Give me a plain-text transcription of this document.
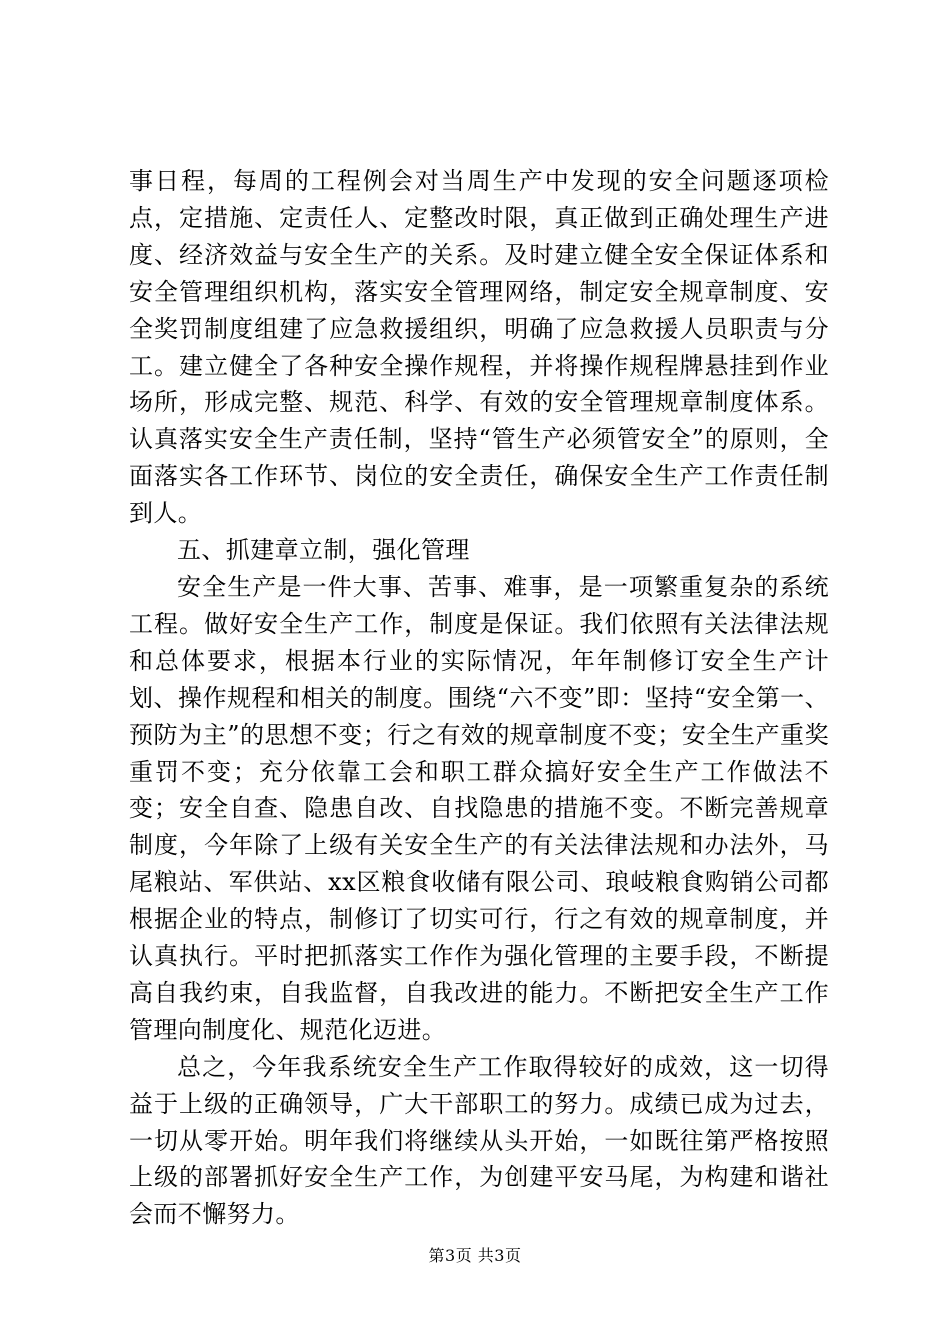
事日程，每周的工程例会对当周生产中发现的安全问题逐项检点，定措施、定责任人、定整改时限，真正做到正确处理生产进度、经济效益与安全生产的关系。及时建立健全安全保证体系和安全管理组织机构，落实安全管理网络，制定安全规章制度、安全奖罚制度组建了应急救援组织，明确了应急救援人员职责与分工。建立健全了各种安全操作规程，并将操作规程牌悬挂到作业场所，形成完整、规范、科学、有效的安全管理规章制度体系。认真落实安全生产责任制，坚持“管生产必须管安全”的原则，全面落实各工作环节、岗位的安全责任，确保安全生产工作责任制到人。

五、抓建章立制，强化管理

安全生产是一件大事、苦事、难事，是一项繁重复杂的系统工程。做好安全生产工作，制度是保证。我们依照有关法律法规和总体要求，根据本行业的实际情况，年年制修订安全生产计划、操作规程和相关的制度。围绕“六不变”即：坚持“安全第一、预防为主”的思想不变；行之有效的规章制度不变；安全生产重奖重罚不变；充分依靠工会和职工群众搞好安全生产工作做法不变；安全自查、隐患自改、自找隐患的措施不变。不断完善规章制度，今年除了上级有关安全生产的有关法律法规和办法外，马尾粮站、军供站、xx区粮食收储有限公司、琅岐粮食购销公司都根据企业的特点，制修订了切实可行，行之有效的规章制度，并认真执行。平时把抓落实工作作为强化管理的主要手段，不断提高自我约束，自我监督，自我改进的能力。不断把安全生产工作管理向制度化、规范化迈进。

总之，今年我系统安全生产工作取得较好的成效，这一切得益于上级的正确领导，广大干部职工的努力。成绩已成为过去，一切从零开始。明年我们将继续从头开始，一如既往第严格按照上级的部署抓好安全生产工作，为创建平安马尾，为构建和谐社会而不懈努力。

第3页 共3页
